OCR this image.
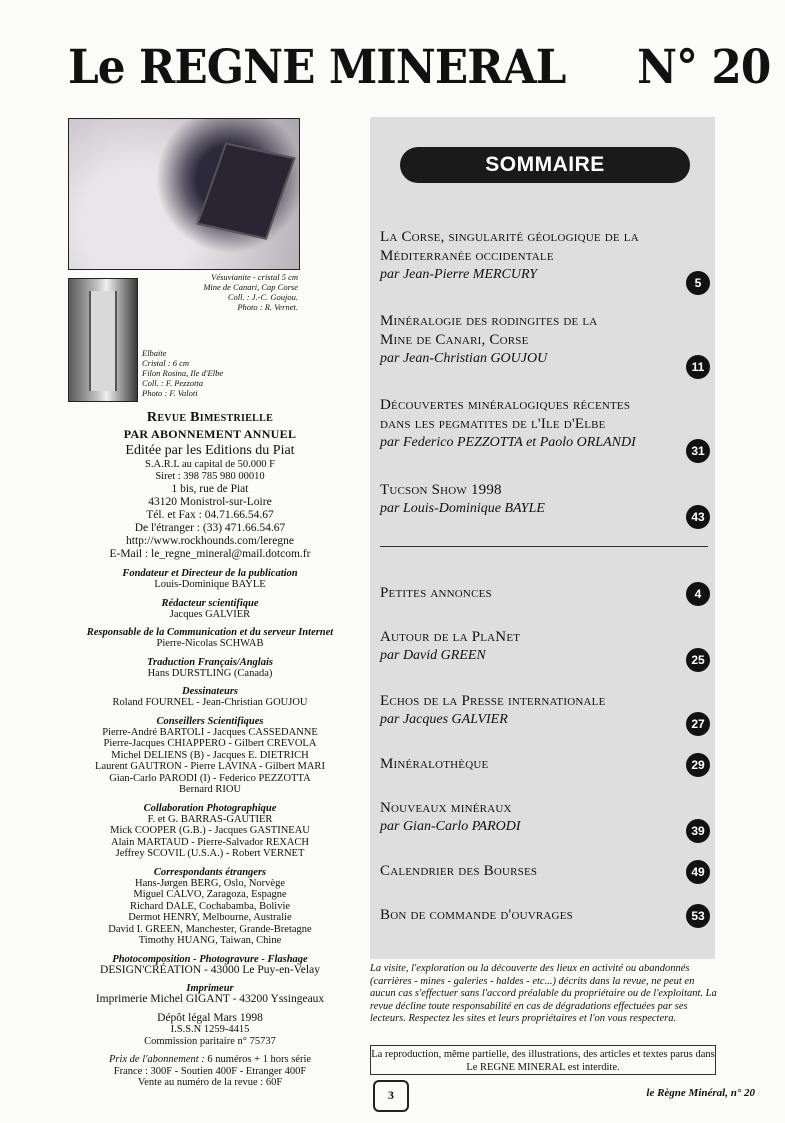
Le REGNE MINERAL N° 20
Vésuvianite - cristal 5 cm
Mine de Canari, Cap Corse
Coll. : J.-C. Goujou.
Photo : R. Vernet.
Elbaïte
Cristal : 6 cm
Filon Rosina, Ile d'Elbe
Coll. : F. Pezzotta
Photo : F. Valoti
Revue Bimestrielle
PAR ABONNEMENT ANNUEL
Editée par les Editions du Piat
S.A.R.L au capital de 50.000 F
Siret : 398 785 980 00010
1 bis, rue de Piat
43120 Monistrol-sur-Loire
Tél. et Fax : 04.71.66.54.67
De l'étranger : (33) 471.66.54.67
http://www.rockhounds.com/leregne
E-Mail : le_regne_mineral@mail.dotcom.fr
Fondateur et Directeur de la publication
Louis-Dominique BAYLE
Rédacteur scientifique
Jacques GALVIER
Responsable de la Communication et du serveur Internet
Pierre-Nicolas SCHWAB
Traduction Français/Anglais
Hans DURSTLING (Canada)
Dessinateurs
Roland FOURNEL - Jean-Christian GOUJOU
Conseillers Scientifiques
Pierre-André BARTOLI - Jacques CASSEDANNE
Pierre-Jacques CHIAPPERO - Gilbert CREVOLA
Michel DELIENS (B) - Jacques E. DIETRICH
Laurent GAUTRON - Pierre LAVINA - Gilbert MARI
Gian-Carlo PARODI (I) - Federico PEZZOTTA
Bernard RIOU
Collaboration Photographique
F. et G. BARRAS-GAUTIER
Mick COOPER (G.B.) - Jacques GASTINEAU
Alain MARTAUD - Pierre-Salvador REXACH
Jeffrey SCOVIL (U.S.A.) - Robert VERNET
Correspondants étrangers
Hans-Jørgen BERG, Oslo, Norvège
Miguel CALVO, Zaragoza, Espagne
Richard DALE, Cochabamba, Bolivie
Dermot HENRY, Melbourne, Australie
David I. GREEN, Manchester, Grande-Bretagne
Timothy HUANG, Taiwan, Chine
Photocomposition - Photogravure - Flashage
DESIGN'CRÉATION - 43000 Le Puy-en-Velay
Imprimeur
Imprimerie Michel GIGANT - 43200 Yssingeaux
Dépôt légal Mars 1998
I.S.S.N 1259-4415
Commission paritaire n° 75737
Prix de l'abonnement : 6 numéros + 1 hors série
France : 300F - Soutien 400F - Etranger 400F
Vente au numéro de la revue : 60F
SOMMAIRE
La Corse, singularité géologique de la
Méditerranée occidentale
par Jean-Pierre MERCURY
5
Minéralogie des rodingites de la
Mine de Canari, Corse
par Jean-Christian GOUJOU
11
Découvertes minéralogiques récentes
dans les pegmatites de l'Ile d'Elbe
par Federico PEZZOTTA et Paolo ORLANDI
31
Tucson Show 1998
par Louis-Dominique BAYLE
43
Petites annonces	4
Autour de la PlaNet
par David GREEN	25
Echos de la Presse internationale
par Jacques GALVIER	27
Minéralothèque	29
Nouveaux minéraux
par Gian-Carlo PARODI	39
Calendrier des Bourses	49
Bon de commande d'ouvrages	53
La visite, l'exploration ou la découverte des lieux en activité ou abandonnés (carrières - mines - galeries - haldes - etc...) décrits dans la revue, ne peut en aucun cas s'effectuer sans l'accord préalable du propriétaire ou de l'exploitant. La revue décline toute responsabilité en cas de dégradations effectuées par ses lecteurs. Respectez les sites et leurs propriétaires et l'on vous respectera.
La reproduction, même partielle, des illustrations, des articles et textes parus dans Le REGNE MINERAL est interdite.
3	le Règne Minéral, n° 20
